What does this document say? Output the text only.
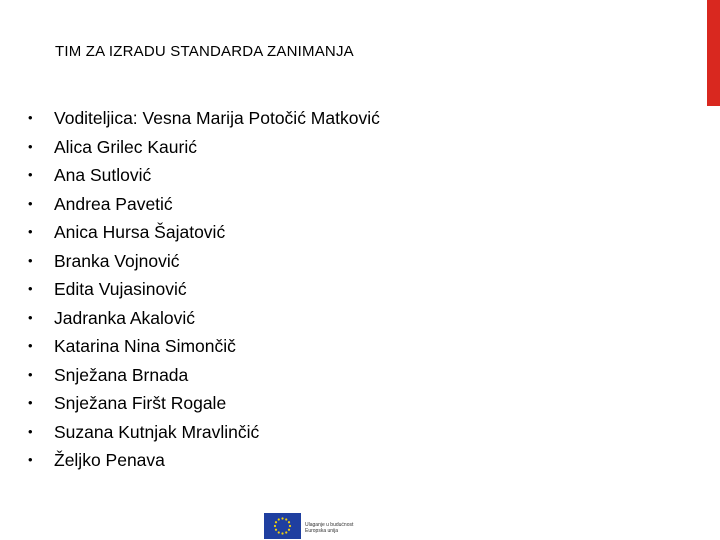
TIM ZA IZRADU STANDARDA ZANIMANJA
• Voditeljica: Vesna Marija Potočić Matković
• Alica Grilec Kaurić
• Ana Sutlović
• Andrea Pavetić
• Anica Hursa Šajatović
• Branka Vojnović
• Edita Vujasinović
• Jadranka Akalović
• Katarina Nina Simončič
• Snježana Brnada
• Snježana Firšt Rogale
• Suzana Kutnjak Mravlinčić
• Željko Penava
Ulaganje u budućnost
Europska unija
